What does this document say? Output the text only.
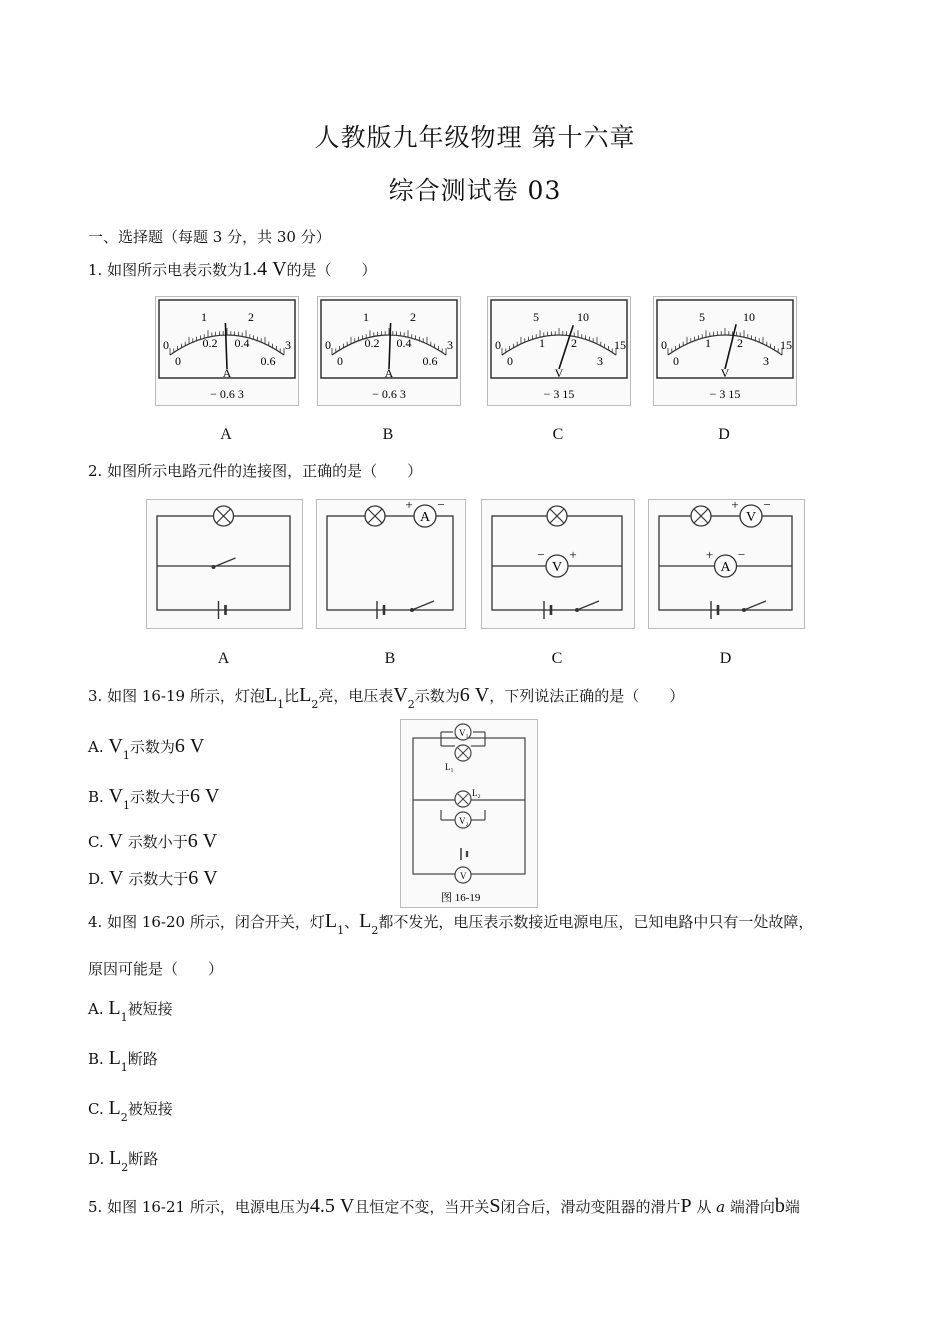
人教版九年级物理 第十六章
综合测试卷 03
一、选择题（每题 3 分，共 30 分）
1. 如图所示电表示数为1.4 V的是（　　）
0	3
1	2
0
0.2 0.4
0.6
A
− 0.6 3
0	3
1	2
0
0.2 0.4
0.6
A
− 0.6 3
0	15
5	10
0
1 2
3
V
− 3 15
0	15
5	10
0
1 2
3
V
− 3 15
A	B	C	D
2. 如图所示电路元件的连接图，正确的是（　　）
A
+ −
V
− +
V
+ −
A
+ −
A	B	C	D
3. 如图 16-19 所示，灯泡$L_1$比$L_2$亮，电压表$V_2$示数为6 V，下列说法正确的是（　　）
A. $V_1$示数为6 V
B. $V_1$示数大于6 V
C. V 示数小于6 V
D. V 示数大于6 V
V₁
L₁
L₂
V₂
V
图 16-19
4. 如图 16-20 所示，闭合开关，灯$L_1$、$L_2$都不发光，电压表示数接近电源电压，已知电路中只有一处故障，
原因可能是（　　）
A. $L_1$被短接
B. $L_1$断路
C. $L_2$被短接
D. $L_2$断路
5. 如图 16-21 所示，电源电压为4.5 V且恒定不变，当开关S闭合后，滑动变阻器的滑片P 从 a 端滑向b端
